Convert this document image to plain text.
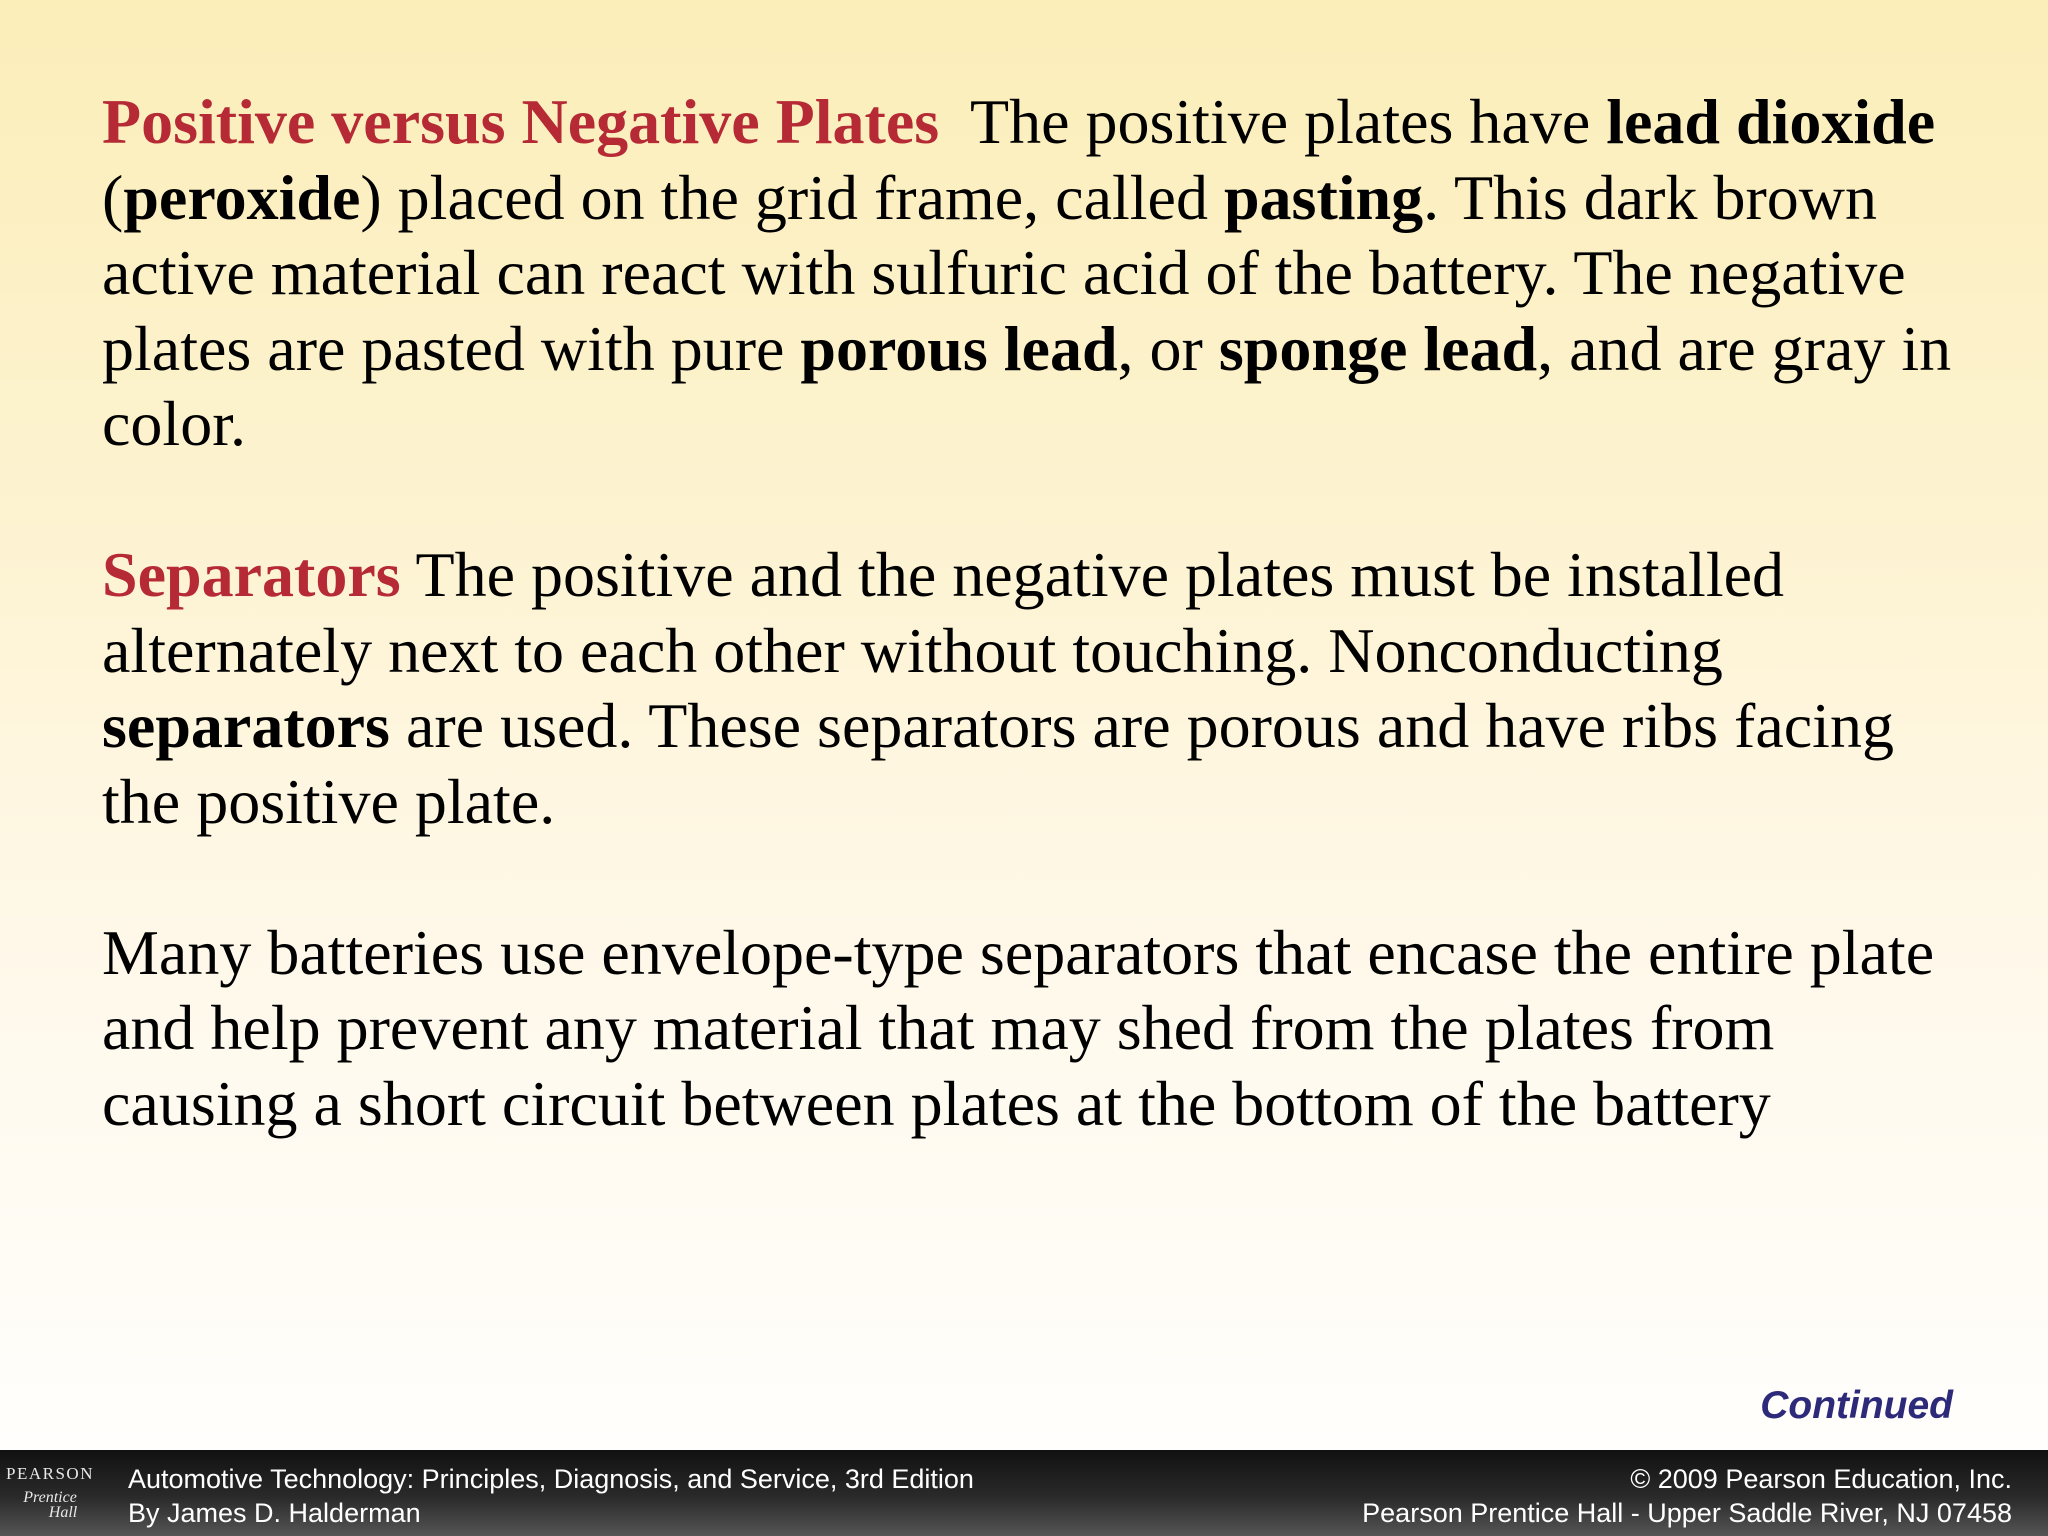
Positive versus Negative Plates  The positive plates have lead dioxide (peroxide) placed on the grid frame, called pasting. This dark brown active material can react with sulfuric acid of the battery. The negative plates are pasted with pure porous lead, or sponge lead, and are gray in color.

Separators The positive and the negative plates must be installed alternately next to each other without touching. Nonconducting separators are used. These separators are porous and have ribs facing the positive plate.

Many batteries use envelope-type separators that encase the entire plate and help prevent any material that may shed from the plates from causing a short circuit between plates at the bottom of the battery

Continued
PEARSON
Prentice
Hall
Automotive Technology: Principles, Diagnosis, and Service, 3rd Edition
By James D. Halderman
© 2009 Pearson Education, Inc.
Pearson Prentice Hall - Upper Saddle River, NJ 07458
